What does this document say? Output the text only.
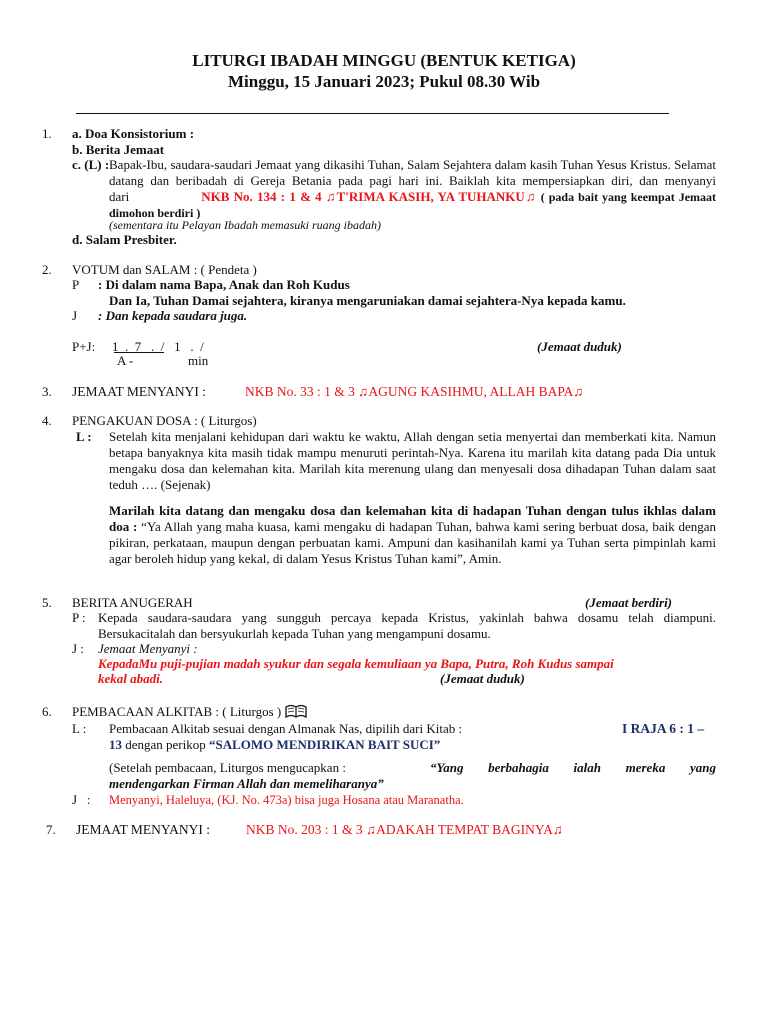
LITURGI IBADAH MINGGU (BENTUK KETIGA)
Minggu, 15 Januari 2023; Pukul 08.30 Wib
1. a. Doa Konsistorium :
b. Berita Jemaat
c. (L) : Bapak-Ibu, saudara-saudari Jemaat yang dikasihi Tuhan, Salam Sejahtera dalam kasih Tuhan Yesus Kristus. Selamat datang dan beribadah di Gereja Betania pada pagi hari ini. Baiklah kita mempersiapkan diri, dan menyanyi dari	NKB No. 134 : 1 & 4 ♫T'RIMA KASIH, YA TUHANKU♫ ( pada bait yang keempat Jemaat dimohon berdiri )
(sementara itu Pelayan Ibadah memasuki ruang ibadah)
d. Salam Presbiter.
2. VOTUM dan SALAM : ( Pendeta )
P : Di dalam nama Bapa, Anak dan Roh Kudus
Dan Ia, Tuhan Damai sejahtera, kiranya mengaruniakan damai sejahtera-Nya kepada kamu.
J : Dan kepada saudara juga.
P+J: 1  .  7   .  /   1   .  /
A -	min
(Jemaat duduk)
3. JEMAAT MENYANYI :	NKB No. 33 : 1 & 3 ♫AGUNG KASIHMU, ALLAH BAPA♫
4. PENGAKUAN DOSA : ( Liturgos)
L : Setelah kita menjalani kehidupan dari waktu ke waktu, Allah dengan setia menyertai dan memberkati kita. Namun betapa banyaknya kita masih tidak mampu menuruti perintah-Nya. Karena itu marilah kita datang pada Dia untuk mengaku dosa dan kelemahan kita. Marilah kita merenung ulang dan menyesali dosa dihadapan Tuhan dalam saat teduh …. (Sejenak)
Marilah kita datang dan mengaku dosa dan kelemahan kita di hadapan Tuhan dengan tulus ikhlas dalam doa : “Ya Allah yang maha kuasa, kami mengaku di hadapan Tuhan, bahwa kami sering berbuat dosa, baik dengan pikiran, perkataan, maupun dengan perbuatan kami. Ampuni dan kasihanilah kami ya Tuhan serta pimpinlah kami agar beroleh hidup yang kekal, di dalam Yesus Kristus Tuhan kami”, Amin.
5. BERITA ANUGERAH	(Jemaat berdiri)
P : Kepada saudara-saudara yang sungguh percaya kepada Kristus, yakinlah bahwa dosamu telah diampuni. Bersukacitalah dan bersyukurlah kepada Tuhan yang mengampuni dosamu.
J : Jemaat Menyanyi :
KepadaMu puji-pujian madah syukur dan segala kemuliaan ya Bapa, Putra, Roh Kudus sampai
kekal abadi.	(Jemaat duduk)
6. PEMBACAAN ALKITAB : ( Liturgos )
L : Pembacaan Alkitab sesuai dengan Almanak Nas, dipilih dari Kitab :	I RAJA 6 : 1 –
13 dengan perikop “SALOMO MENDIRIKAN BAIT SUCI”
(Setelah pembacaan, Liturgos mengucapkan :	“Yang berbahagia ialah mereka yang
mendengarkan Firman Allah dan memeliharanya”
J   : Menyanyi, Haleluya, (KJ. No. 473a) bisa juga Hosana atau Maranatha.
7. JEMAAT MENYANYI :	NKB No. 203 : 1 & 3 ♫ADAKAH TEMPAT BAGINYA♫
